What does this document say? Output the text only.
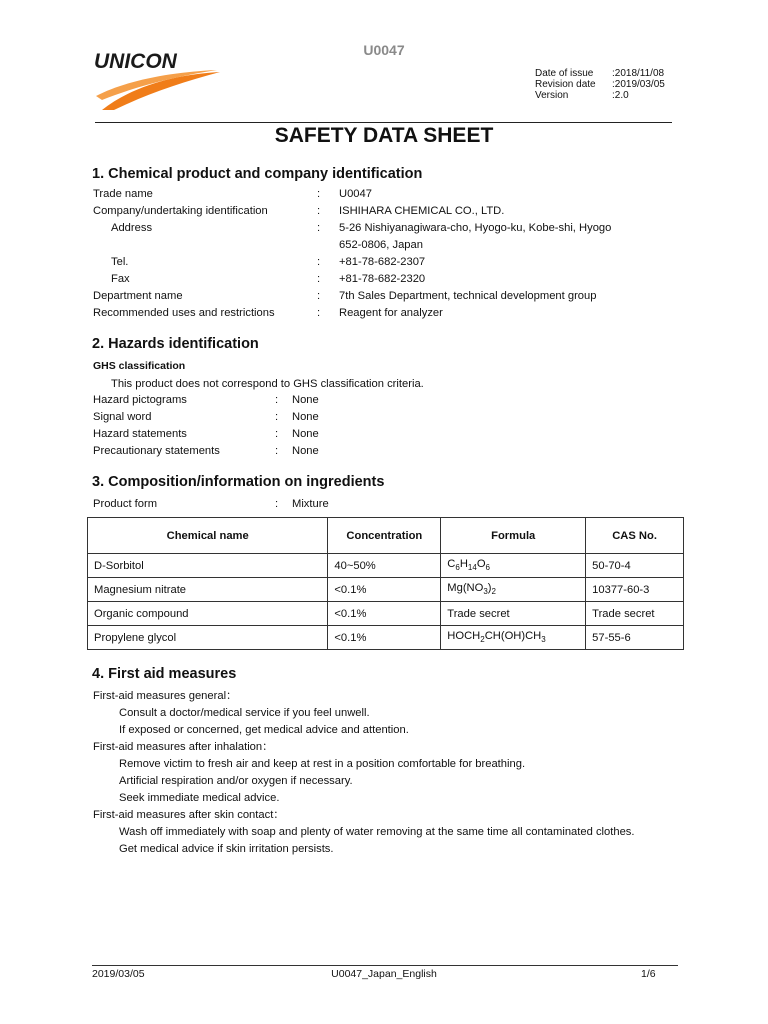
UNICON	U0047
Date of issue	:2018/11/08
Revision date	:2019/03/05
Version	:2.0
SAFETY DATA SHEET
1. Chemical product and company identification
Trade name	: U0047
Company/undertaking identification	: ISHIHARA CHEMICAL CO., LTD.
Address	: 5-26 Nishiyanagiwara-cho, Hyogo-ku, Kobe-shi, Hyogo
652-0806, Japan
Tel.	: +81-78-682-2307
Fax	: +81-78-682-2320
Department name	: 7th Sales Department, technical development group
Recommended uses and restrictions	: Reagent for analyzer
2. Hazards identification
GHS classification
This product does not correspond to GHS classification criteria.
Hazard pictograms	: None
Signal word	: None
Hazard statements	: None
Precautionary statements	: None
3. Composition/information on ingredients
Product form	: Mixture
Chemical name	Concentration	Formula	CAS No.
D-Sorbitol	40~50%	$C_6H_{14}O_6$	50-70-4
Magnesium nitrate	<0.1%	$Mg(NO_3)_2$	10377-60-3
Organic compound	<0.1%	Trade secret	Trade secret
Propylene glycol	<0.1%	$HOCH_2CH(OH)CH_3$	57-55-6
4. First aid measures
First-aid measures general：
Consult a doctor/medical service if you feel unwell.
If exposed or concerned, get medical advice and attention.
First-aid measures after inhalation：
Remove victim to fresh air and keep at rest in a position comfortable for breathing.
Artificial respiration and/or oxygen if necessary.
Seek immediate medical advice.
First-aid measures after skin contact：
Wash off immediately with soap and plenty of water removing at the same time all contaminated clothes.
Get medical advice if skin irritation persists.
2019/03/05	U0047_Japan_English	1/6
